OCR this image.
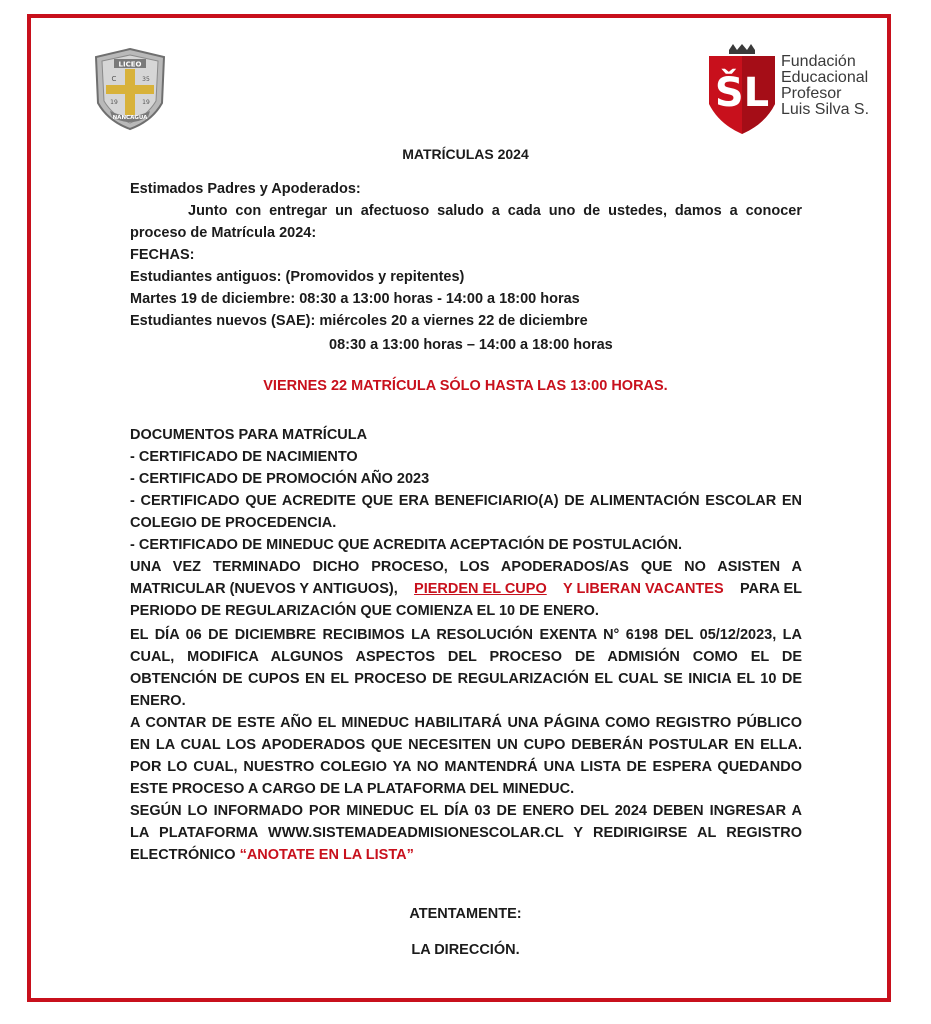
LICEO
C	35
19	19
NANCAGUA
ŠL
Fundación
Educacional
Profesor
Luis Silva S.
MATRÍCULAS 2024
Estimados Padres y Apoderados:
Junto con entregar un afectuoso saludo a cada uno de ustedes, damos a conocer
proceso de Matrícula 2024:
FECHAS:
Estudiantes antiguos: (Promovidos y repitentes)
Martes 19 de diciembre: 08:30 a 13:00 horas - 14:00 a 18:00 horas
Estudiantes nuevos (SAE): miércoles 20 a viernes 22 de diciembre
08:30 a 13:00 horas – 14:00 a 18:00 horas
VIERNES 22 MATRÍCULA SÓLO HASTA LAS 13:00 HORAS.
DOCUMENTOS PARA MATRÍCULA
- CERTIFICADO DE NACIMIENTO
- CERTIFICADO DE PROMOCIÓN AÑO 2023
- CERTIFICADO QUE ACREDITE QUE ERA BENEFICIARIO(A) DE ALIMENTACIÓN ESCOLAR EN
COLEGIO DE PROCEDENCIA.
- CERTIFICADO DE MINEDUC QUE ACREDITA ACEPTACIÓN DE POSTULACIÓN.
UNA VEZ TERMINADO DICHO PROCESO, LOS APODERADOS/AS QUE NO ASISTEN A
MATRICULAR (NUEVOS Y ANTIGUOS), PIERDEN EL CUPO Y LIBERAN VACANTES PARA EL
PERIODO DE REGULARIZACIÓN QUE COMIENZA EL 10 DE ENERO.
EL DÍA 06 DE DICIEMBRE RECIBIMOS LA RESOLUCIÓN EXENTA N° 6198 DEL 05/12/2023, LA
CUAL, MODIFICA ALGUNOS ASPECTOS DEL PROCESO DE ADMISIÓN COMO EL DE
OBTENCIÓN DE CUPOS EN EL PROCESO DE REGULARIZACIÓN EL CUAL SE INICIA EL 10 DE
ENERO.
A CONTAR DE ESTE AÑO EL MINEDUC HABILITARÁ UNA PÁGINA COMO REGISTRO PÚBLICO
EN LA CUAL LOS APODERADOS QUE NECESITEN UN CUPO DEBERÁN POSTULAR EN ELLA.
POR LO CUAL, NUESTRO COLEGIO YA NO MANTENDRÁ UNA LISTA DE ESPERA QUEDANDO
ESTE PROCESO A CARGO DE LA PLATAFORMA DEL MINEDUC.
SEGÚN LO INFORMADO POR MINEDUC EL DÍA 03 DE ENERO DEL 2024 DEBEN INGRESAR A
LA PLATAFORMA WWW.SISTEMADEADMISIONESCOLAR.CL Y REDIRIGIRSE AL REGISTRO
ELECTRÓNICO “ANOTATE EN LA LISTA”
ATENTAMENTE:
LA DIRECCIÓN.
